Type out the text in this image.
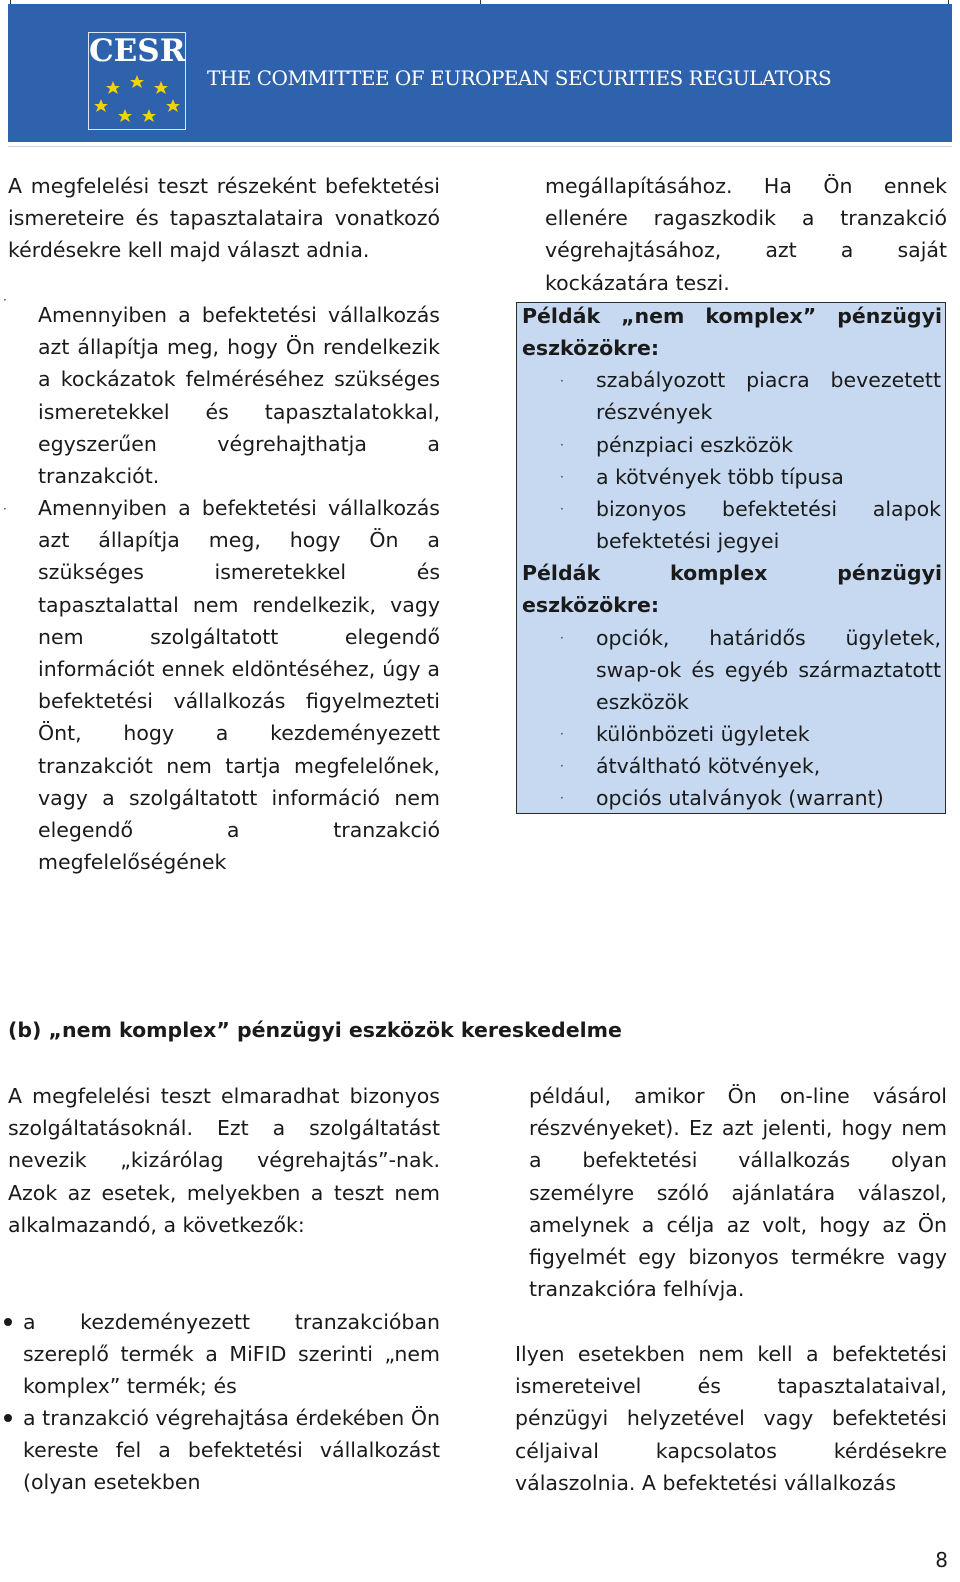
CESR
THE COMMITTEE OF EUROPEAN SECURITIES REGULATORS

A megfelelési teszt részeként befektetési ismereteire és tapasztalataira vonatkozó kérdésekre kell majd választ adnia.

·
Amennyiben a befektetési vállalkozás azt állapítja meg, hogy Ön rendelkezik a kockázatok felméréséhez szükséges ismeretekkel és tapasztalatokkal, egyszerűen végrehajthatja a tranzakciót.
· Amennyiben a befektetési vállalkozás azt állapítja meg, hogy Ön a szükséges ismeretekkel és tapasztalattal nem rendelkezik, vagy nem szolgáltatott elegendő információt ennek eldöntéséhez, úgy a befektetési vállalkozás figyelmezteti Önt, hogy a kezdeményezett tranzakciót nem tartja megfelelőnek, vagy a szolgáltatott információ nem elegendő a tranzakció megfelelőségének

megállapításához. Ha Ön ennek ellenére ragaszkodik a tranzakció végrehajtásához, azt a saját kockázatára teszi.

Példák „nem komplex” pénzügyi eszközökre:
· szabályozott piacra bevezetett részvények
· pénzpiaci eszközök
· a kötvények több típusa
· bizonyos befektetési alapok befektetési jegyei
Példák komplex pénzügyi eszközökre:
· opciók, határidős ügyletek, swap-ok és egyéb származtatott eszközök
· különbözeti ügyletek
· átváltható kötvények,
· opciós utalványok (warrant)
(b) „nem komplex” pénzügyi eszközök kereskedelme

A megfelelési teszt elmaradhat bizonyos szolgáltatásoknál. Ezt a szolgáltatást nevezik „kizárólag végrehajtás”-nak. Azok az esetek, melyekben a teszt nem alkalmazandó, a következők:

a kezdeményezett tranzakcióban szereplő termék a MiFID szerinti „nem komplex” termék; és
a tranzakció végrehajtása érdekében Ön kereste fel a befektetési vállalkozást (olyan esetekben

például, amikor Ön on-line vásárol részvényeket). Ez azt jelenti, hogy nem a befektetési vállalkozás olyan személyre szóló ajánlatára válaszol, amelynek a célja az volt, hogy az Ön figyelmét egy bizonyos termékre vagy tranzakcióra felhívja.

Ilyen esetekben nem kell a befektetési ismereteivel és tapasztalataival, pénzügyi helyzetével vagy befektetési céljaival kapcsolatos kérdésekre válaszolnia. A befektetési vállalkozás

8
